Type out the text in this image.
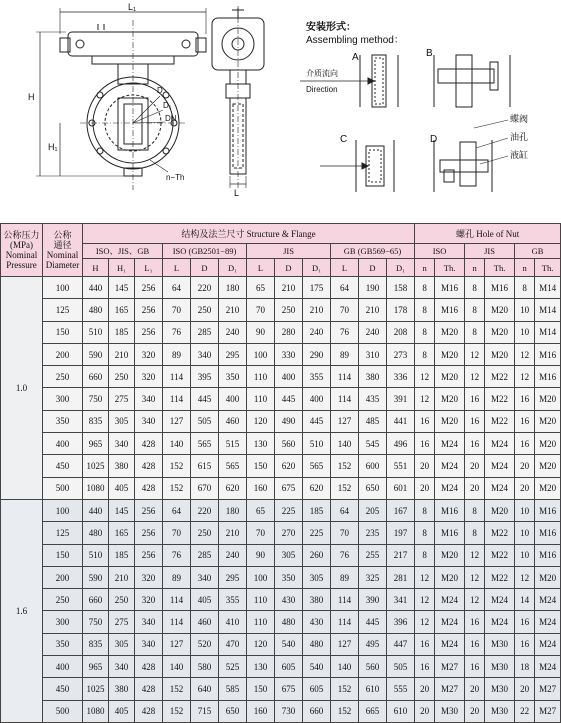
L₁
H
H₁
D
D₁
DN
n−Th
L
安装形式：
Assembling method：
A	B
C	D
介质流向
Direction
蝶阀
油孔
液缸
公称压力
(MPa)
Nominal
Pressure	公称
通径
Nominal
Diameter	结构及法兰尺寸 Structure & Flange												螺孔 Hole of Nut					
		ISO、JIS、GB			ISO (GB2501−89)			JIS			GB (GB569−65)			ISO		JIS		GB	
		H	H₁	L₁	L	D	D₁	L	D	D₁	L	D	D₁	n	Th.	n	Th.	n	Th.
1.0	100	440	145	256	64	220	180	65	210	175	64	190	158	8	M16	8	M16	8	M14
	125	480	165	256	70	250	210	70	250	210	70	210	178	8	M16	8	M20	10	M14
	150	510	185	256	76	285	240	90	280	240	76	240	208	8	M20	8	M20	10	M14
	200	590	210	320	89	340	295	100	330	290	89	310	273	8	M20	12	M20	12	M16
	250	660	250	320	114	395	350	110	400	355	114	380	336	12	M20	12	M22	12	M16
	300	750	275	340	114	445	400	110	445	400	114	435	391	12	M20	16	M22	16	M20
	350	835	305	340	127	505	460	120	490	445	127	485	441	16	M20	16	M22	16	M20
	400	965	340	428	140	565	515	130	560	510	140	545	496	16	M24	16	M24	16	M20
	450	1025	380	428	152	615	565	150	620	565	152	600	551	20	M24	20	M24	20	M20
	500	1080	405	428	152	670	620	160	675	620	152	650	601	20	M24	20	M24	20	M20
1.6	100	440	145	256	64	220	180	65	225	185	64	205	167	8	M16	8	M20	10	M16
	125	480	165	256	70	250	210	70	270	225	70	235	197	8	M16	8	M22	10	M16
	150	510	185	256	76	285	240	90	305	260	76	255	217	8	M20	12	M22	10	M16
	200	590	210	320	89	340	295	100	350	305	89	325	281	12	M20	12	M22	12	M20
	250	660	250	320	114	405	355	110	430	380	114	390	341	12	M24	12	M24	14	M24
	300	750	275	340	114	460	410	110	480	430	114	445	396	12	M24	16	M24	16	M24
	350	835	305	340	127	520	470	120	540	480	127	495	447	16	M24	16	M30	16	M24
	400	965	340	428	140	580	525	130	605	540	140	560	505	16	M27	16	M30	18	M24
	450	1025	380	428	152	640	585	150	675	605	152	610	555	20	M27	20	M30	20	M27
	500	1080	405	428	152	715	650	160	730	660	152	665	610	20	M30	20	M30	22	M27
